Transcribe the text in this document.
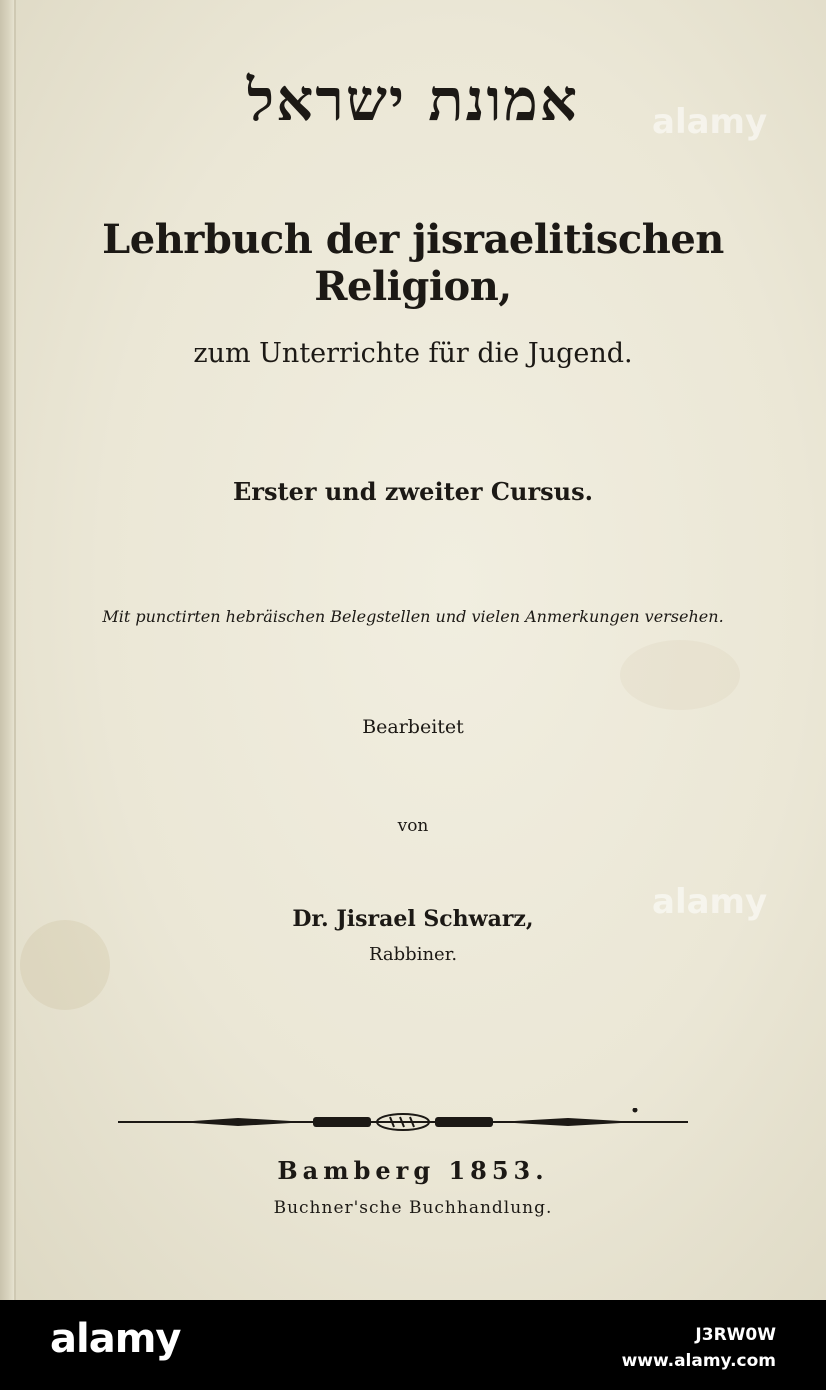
אמונת ישראל
Lehrbuch der jisraelitischen Religion,
zum Unterrichte für die Jugend.
Erster und zweiter Cursus.
Mit punctirten hebräischen Belegstellen und vielen Anmerkungen versehen.
Bearbeitet
von
Dr. Jisrael Schwarz,
Rabbiner.
Bamberg 1853.
Buchner'sche Buchhandlung.
alamy
alamy
alamy	J3RW0W
www.alamy.com
